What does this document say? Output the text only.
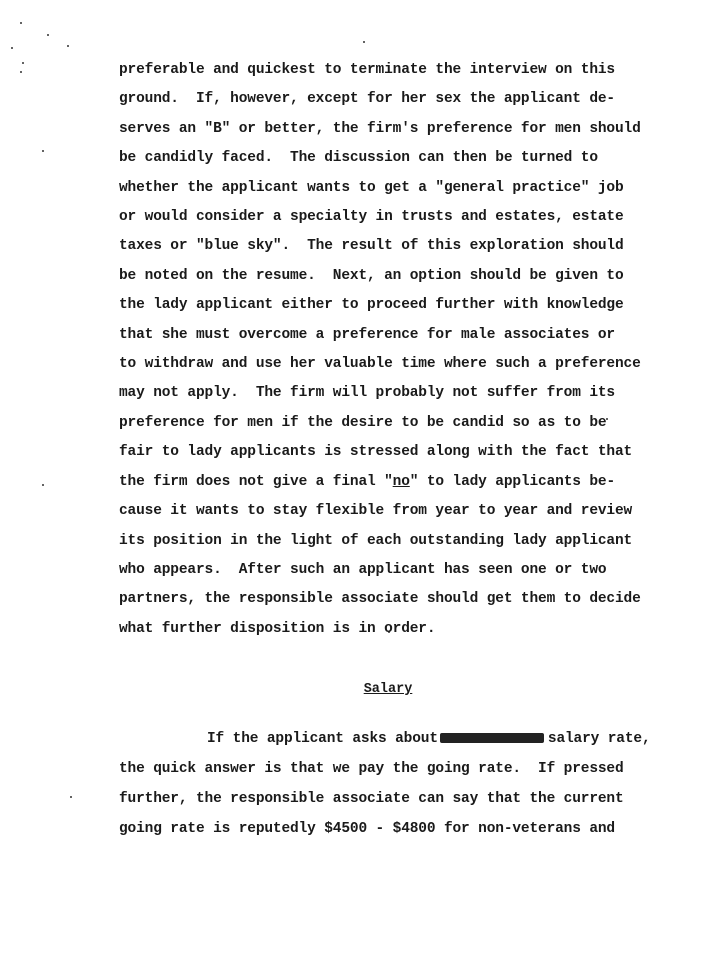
preferable and quickest to terminate the interview on this
ground.  If, however, except for her sex the applicant de-
serves an "B" or better, the firm's preference for men should
be candidly faced.  The discussion can then be turned to
whether the applicant wants to get a "general practice" job
or would consider a specialty in trusts and estates, estate
taxes or "blue sky".  The result of this exploration should
be noted on the resume.  Next, an option should be given to
the lady applicant either to proceed further with knowledge
that she must overcome a preference for male associates or
to withdraw and use her valuable time where such a preference
may not apply.  The firm will probably not suffer from its
preference for men if the desire to be candid so as to be
fair to lady applicants is stressed along with the fact that
the firm does not give a final "no" to lady applicants be-
cause it wants to stay flexible from year to year and review
its position in the light of each outstanding lady applicant
who appears.  After such an applicant has seen one or two
partners, the responsible associate should get them to decide
what further disposition is in order.
Salary
If the applicant asks about	salary rate,
the quick answer is that we pay the going rate.  If pressed
further, the responsible associate can say that the current
going rate is reputedly $4500 - $4800 for non-veterans and
